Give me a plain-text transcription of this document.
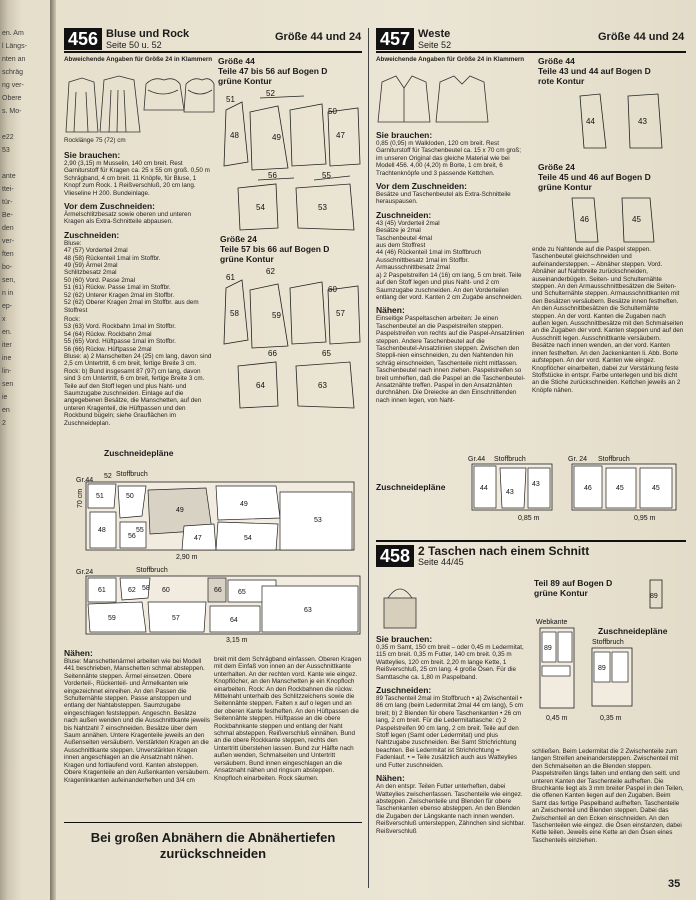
en. Am
l Längs-
nten an
schräg
ng ver-
Obere
s. Mo-
e22
53
ante
ttei-
tür-
Be-
den
ver-
ften
bo-
sen,
n in
ep-
x
en.
iter
ine
lin-
sen
ie
en
2
456 Bluse und Rock
Seite 50 u. 52
Größe 44 und 24
Abweichende Angaben für Größe 24 in Klammern
Rocklänge 75 (72) cm
Sie brauchen:
2,90 (3,15) m Musselin, 140 cm breit. Rest Garniturstoff für Kragen ca. 25 x 55 cm groß. 0,50 m Schrägband, 4 cm breit. 11 Knöpfe, für Bluse, 1 Knopf zum Rock. 1 Reißverschluß, 20 cm lang. Vlieseline H 200. Bundeinlage.
Vor dem Zuschneiden:
Ärmelschlitzbesatz sowie oberen und unteren Kragen als Extra-Schnitteile abpausen.
Zuschneiden:
Bluse:
47 (57) Vorderteil 2mal
48 (58) Rückenteil 1mal im Stoffbr.
49 (59) Ärmel 2mal
Schlitzbesatz 2mal
50 (60) Vord. Passe 2mal
51 (61) Rückw. Passe 1mal im Stoffbr.
52 (62) Unterer Kragen 2mal im Stoffbr.
52 (62) Oberer Kragen 2mal im Stoffbr. aus dem Stoffrest
Rock:
53 (63) Vord. Rockbahn 1mal im Stoffbr.
54 (64) Rückw. Rockbahn 2mal
55 (65) Vord. Hüftpasse 1mal im Stoffbr.
56 (66) Rückw. Hüftpasse 2mal
Bluse: a) 2 Manschetten 24 (25) cm lang, davon sind 2,5 cm Untertritt, 6 cm breit, fertige Breite 3 cm. Rock: b) Bund insgesamt 87 (97) cm lang, davon sind 3 cm Untertritt, 6 cm breit, fertige Breite 3 cm. Teile auf den Stoff legen und plus Naht- und Saumzugabe zuschneiden. Einlage auf die angegebenen Besätze, die Manschetten, auf den unteren Kragenteil, die Hüftpassen und den Rockbund bügeln; siehe Grauflächen im Zuschneideplan.
Größe 44
Teile 47 bis 56 auf Bogen D
grüne Kontur
51
52
48	49	47
50
54	53
56	55
Größe 24
Teile 57 bis 66 auf Bogen D
grüne Kontur
61
62
58	59	57
60
64	63
66	65
Zuschneidepläne
Gr.44
Stoffbruch
51	50
52
48
49
49
56
55
47	54
53
2,90 m
70 cm
Gr.24	Stoffbruch
61	62 58 60
59	57
66 65
64
63
3,15 m
Nähen:
Bluse: Manschettenärmel arbeiten wie bei Modell 441 beschrieben, Manschetten schmal absteppen. Seitennähte steppen. Ärmel einsetzen. Obere Vorderteil-, Rückenteil- und Ärmelkanten wie eingezeichnet einreihen. An den Passen die Schulternähte steppen. Passe anstoppen und entlang der Nahtabsteppen. Saumzugabe eingeschlagen feststeppen. Angeschn. Besätze nach außen wenden und die Ausschnittkante jeweils bis Nahtzahl 7 einschneiden. Besätze über dem Saum annähen. Untere Kragenteile jeweils an den Außenseiten versäubern. Verstärkten Kragen an die Ausschnittkante steppen. Unverstärkten Kragen innen angeschlagen an die Ansatznaht nähen. Kragen und fortlaufend vord. Kanten absteppen. Obere Kragenteile an den Außenkanten versäubern. Kragenlinkanten aufeinanderheften und 3/4 cm
breit mit dem Schrägband einfassen. Oberen Kragen mit dem Einfaß von innen an der Ausschnittkante unterhalten. An der rechten vord. Kante wie eingez. Knopflöcher, an den Manschetten je ein Knopfloch einarbeiten. Rock: An den Rockbahnen die rückw. Mittelnaht unterhalb des Schlitzzeichens sowie die Seitennähte steppen. Falten x auf o legen und an der oberen Kante festheften. An den Hüftpassen die Seitennähte steppen. Hüftpasse an die obere Rockbahnkante steppen und entlang der Naht schmal absteppen. Reißverschluß einnähen. Bund an die obere Rockkante steppen, rechts den Untertritt überstehen lassen. Bund zur Hälfte nach außen wenden, Schmalseiten und Untertritt versäubern. Bund innen eingeschlagen an die Ansatznaht nähen und ringsum absteppen. Knopfloch einarbeiten. Rock säumen.
Bei großen Abnähern die Abnähertiefen zurückschneiden
457 Weste
Seite 52
Größe 44 und 24
Abweichende Angaben für Größe 24 in Klammern
Sie brauchen:
0,85 (0,95) m Walkloden, 120 cm breit. Rest Garniturstoff für Taschenbeutel ca. 15 x 70 cm groß; im unseren Original das gleiche Material wie bei Modell 456. 4,00 (4,20) m Borte, 1 cm breit, 6 Trachtenknöpfe und 3 passende Kettchen.
Vor dem Zuschneiden:
Besätze und Taschenbeutel als Extra-Schnitteile herauspausen.
Zuschneiden:
43 (45) Vorderteil 2mal
Besätze je 2mal
Taschenbeutel 4mal
aus dem Stoffrest
44 (46) Rückenteil 1mal im Stoffbruch
Ausschnittbesatz 1mal im Stoffbr.
Armausschnittbesatz 2mal
a) 2 Paspelstreifen 14 (16) cm lang, 5 cm breit. Teile auf den Stoff legen und plus Naht- und 2 cm Saumzugabe zuschneiden. An den Vorderteilen entlang der vord. Kanten 2 cm Zugabe anschneiden.
Nähen:
Einseitige Paspeltaschen arbeiten: Je einen Taschenbeutel an die Paspelstreifen steppen. Paspelstreifen von rechts auf die Paspel-Ansatzlinien steppen. Andere Taschenbeutel auf die Taschenbeutel-Ansatzlinien steppen. Zwischen den Steppli-nien einschneiden, zu den Nahtenden hin schräg einschneiden, Taschenteile nicht mitfassen. Taschenbeutel nach innen ziehen. Paspelstreifen so breit umheften, daß die Paspel an die Taschenbeutel-Ansatznähte treffen. Paspel in den Ansatznähten durchnähen. Die Dreiecke an den Einschnittenden nach innen legen, von Naht-
Größe 44
Teile 43 und 44 auf Bogen D
rote Kontur
44	43
Größe 24
Teile 45 und 46 auf Bogen D
grüne Kontur
46	45
ende zu Nahtende auf die Paspel steppen. Taschenbeutel gleichschneiden und aufeinandersteppen. – Abnäher steppen. Vord. Abnäher auf Nahtbreite zurückschneiden, auseinanderbügeln. Seiten- und Schulternähte steppen. An den Armausschnittbesätzen die Seiten- und Schulternähte steppen. Armausschnittkanten mit den Besätzen versäubern. Besätze innen festheften. An den Ausschnittbesätzen die Schulternähte steppen. An der vord. Kanten die Zugaben nach außen legen. Ausschnittbesätze mit den Schmalseiten an die Zugaben der vord. Kanten steppen und auf den Ausschnitt legen. Ausschnittkante versäubern. Besätze nach innen wenden, an der vord. Kanten innen festheften. An den Jackenkanten li. Abb. Borte aufsteppen. An der vord. Kanten wie eingez. Knopflöcher einarbeiten, dabei zur Verstärkung feste Stoffstücke in entspr. Farbe unterlegen und bis dicht an die Stiche zurückschneiden. Kettchen jeweils an 2 Knöpfe nähen.
Zuschneidepläne
Gr.44 Stoffbruch
44
43
43
0,85 m
Gr. 24 Stoffbruch
46	45	45
0,95 m
458 2 Taschen nach einem Schnitt
Seite 44/45
Teil 89 auf Bogen D
grüne Kontur	89
Zuschneidepläne
Webkante
89
0,45 m
Stoffbruch
89
0,35 m
Sie brauchen:
0,35 m Samt, 150 cm breit – oder 0,45 m Ledermitat, 115 cm breit. 0,35 m Futter, 140 cm breit. 0,35 m Watteylies, 120 cm breit. 2,20 m lange Kette, 1 Reißverschluß, 25 cm lang. 4 große Ösen. Für die Samttasche ca. 1,80 m Paspelband.
Zuschneiden:
89 Taschenteil 2mal im Stoffbruch • a) Zwischenteil • 86 cm lang (beim Ledermitat 2mal 44 cm lang), 5 cm breit; b) 2 Blenden für obere Taschenkanten • 26 cm lang, 2 cm breit. Für die Ledermitattasche: c) 2 Paspelstreifen 90 cm lang, 2 cm breit. Teile auf den Stoff legen (Samt oder Ledermitat) und plus Nahtzugabe zuschneiden. Bei Samt Strichrichtung beachten. Bei Ledermitat ist Strichrichtung = Fadenlauf. • = Teile zusätzlich auch aus Watteylies und Futter zuschneiden.
Nähen:
An den entspr. Teilen Futter unterheften, dabei Watteylies zwischenfassen. Taschenteile wie eingez. absteppen. Zwischenteile und Blenden für obere Taschenkanten ebenso absteppen. An den Blenden die Zugaben der Längskante nach innen wenden. Reißverschluß untersteppen, Zähnchen sind sichtbar. Reißverschluß
schließen. Beim Ledermitat die 2 Zwischenteile zum langen Streifen aneinandersteppen. Zwischenteil mit den Schmalseiten an die Blenden steppen. Paspelstreifen längs falten und entlang den seitl. und unteren Kanten der Taschenteile aufheften. Die Bruchkante liegt als 3 mm breiter Paspel in den Teilen, die offenen Kanten liegen auf den Zugaben. Beim Samt das fertige Paspelband aufheften. Taschenteile an Zwischenteil und Blenden steppen. Dabei das Zwischenteil an den Ecken einschneiden. An den Taschenteilen wie eingez. die Ösen einstanzen, dabei Kette teilen. Jeweils eine Kette an den Ösen eines Taschenteils einziehen.
35
